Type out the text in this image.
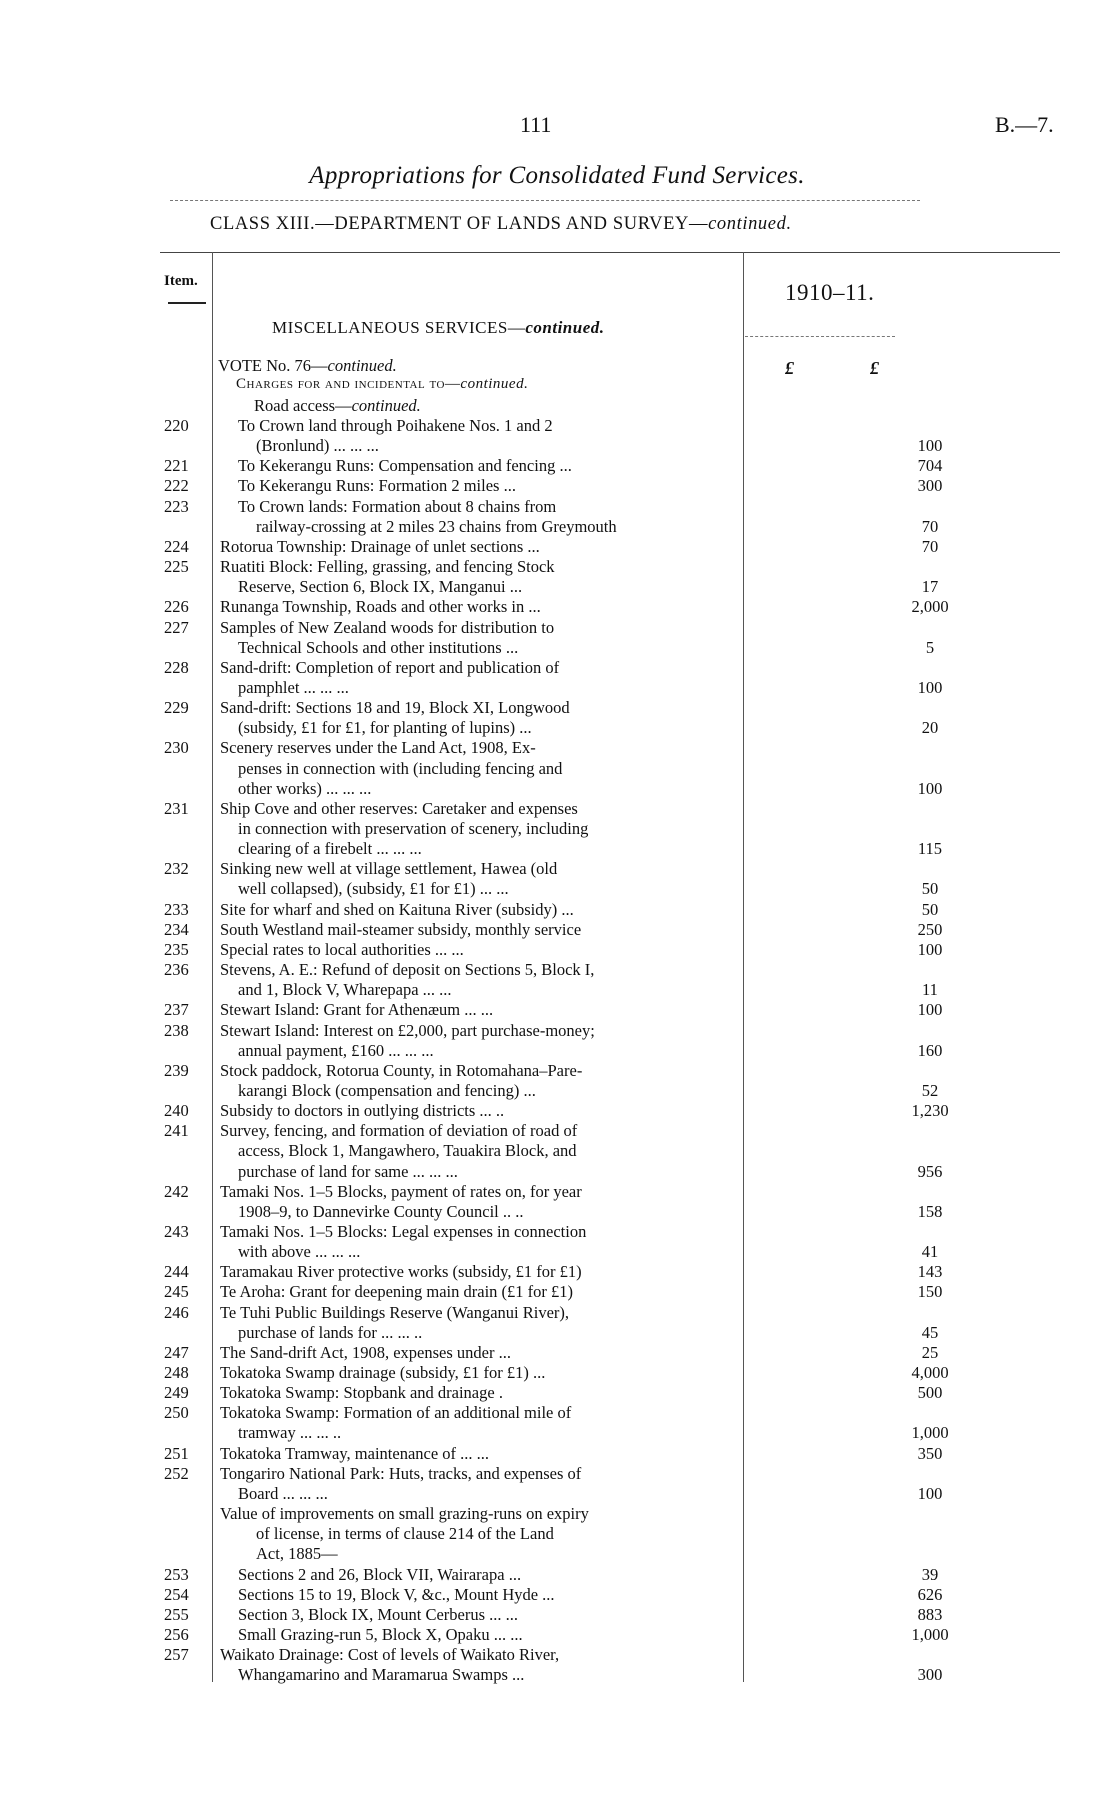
111	B.—7.
Appropriations for Consolidated Fund Services.
CLASS XIII.—DEPARTMENT OF LANDS AND SURVEY—continued.
Item.	1910–11.
MISCELLANEOUS SERVICES—continued.
£	£
VOTE No. 76—continued.
Charges for and incidental to—continued.
Road access—continued.
220	To Crown land through Poihakene Nos. 1 and 2
(Bronlund) ... ... ...	100
221	To Kekerangu Runs: Compensation and fencing ...	704
222	To Kekerangu Runs: Formation 2 miles ...	300
223	To Crown lands: Formation about 8 chains from
railway-crossing at 2 miles 23 chains from Greymouth	70
224	Rotorua Township: Drainage of unlet sections ...	70
225	Ruatiti Block: Felling, grassing, and fencing Stock
Reserve, Section 6, Block IX, Manganui ...	17
226	Runanga Township, Roads and other works in ...	2,000
227	Samples of New Zealand woods for distribution to
Technical Schools and other institutions ...	5
228	Sand-drift: Completion of report and publication of
pamphlet ... ... ...	100
229	Sand-drift: Sections 18 and 19, Block XI, Longwood
(subsidy, £1 for £1, for planting of lupins) ...	20
230	Scenery reserves under the Land Act, 1908, Ex-
penses in connection with (including fencing and
other works) ... ... ...	100
231	Ship Cove and other reserves: Caretaker and expenses
in connection with preservation of scenery, including
clearing of a firebelt ... ... ...	115
232	Sinking new well at village settlement, Hawea (old
well collapsed), (subsidy, £1 for £1) ... ...	50
233	Site for wharf and shed on Kaituna River (subsidy) ...	50
234	South Westland mail-steamer subsidy, monthly service	250
235	Special rates to local authorities ... ...	100
236	Stevens, A. E.: Refund of deposit on Sections 5, Block I,
and 1, Block V, Wharepapa ... ...	11
237	Stewart Island: Grant for Athenæum ... ...	100
238	Stewart Island: Interest on £2,000, part purchase-money;
annual payment, £160 ... ... ...	160
239	Stock paddock, Rotorua County, in Rotomahana–Pare-
karangi Block (compensation and fencing) ...	52
240	Subsidy to doctors in outlying districts ... ..	1,230
241	Survey, fencing, and formation of deviation of road of
access, Block 1, Mangawhero, Tauakira Block, and
purchase of land for same ... ... ...	956
242	Tamaki Nos. 1–5 Blocks, payment of rates on, for year
1908–9, to Dannevirke County Council .. ..	158
243	Tamaki Nos. 1–5 Blocks: Legal expenses in connection
with above ... ... ...	41
244	Taramakau River protective works (subsidy, £1 for £1)	143
245	Te Aroha: Grant for deepening main drain (£1 for £1)	150
246	Te Tuhi Public Buildings Reserve (Wanganui River),
purchase of lands for ... ... ..	45
247	The Sand-drift Act, 1908, expenses under ...	25
248	Tokatoka Swamp drainage (subsidy, £1 for £1) ...	4,000
249	Tokatoka Swamp: Stopbank and drainage .	500
250	Tokatoka Swamp: Formation of an additional mile of
tramway ... ... ..	1,000
251	Tokatoka Tramway, maintenance of ... ...	350
252	Tongariro National Park: Huts, tracks, and expenses of
Board ... ... ...	100
Value of improvements on small grazing-runs on expiry
of license, in terms of clause 214 of the Land
Act, 1885—
253	Sections 2 and 26, Block VII, Wairarapa ...	39
254	Sections 15 to 19, Block V, &c., Mount Hyde ...	626
255	Section 3, Block IX, Mount Cerberus ... ...	883
256	Small Grazing-run 5, Block X, Opaku ... ...	1,000
257	Waikato Drainage: Cost of levels of Waikato River,
Whangamarino and Maramarua Swamps ...	300
